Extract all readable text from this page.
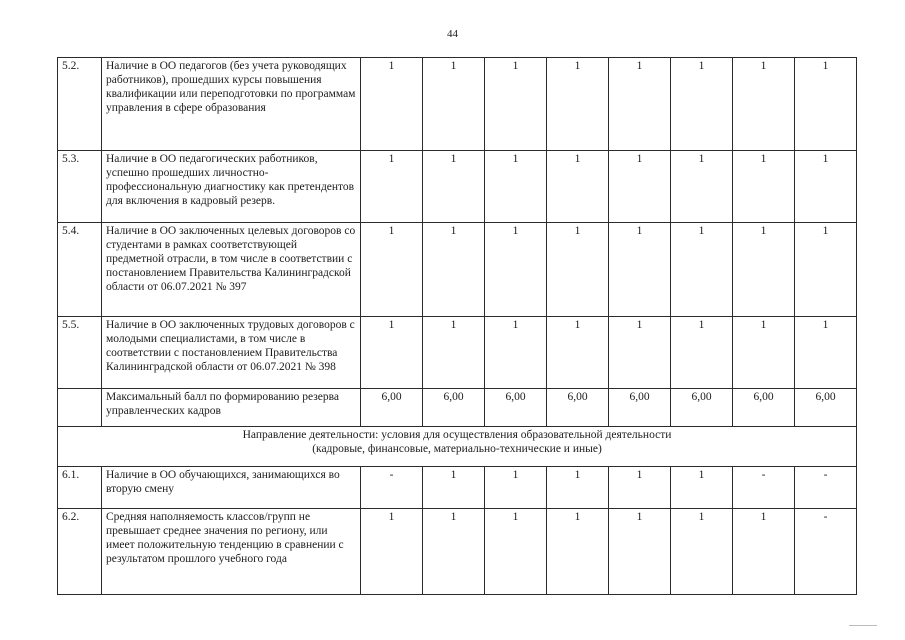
44
5.2.	Наличие в ОО педагогов (без учета руководящих работников), прошедших курсы повышения квалификации или переподготовки по программам управления в сфере образования	1	1	1	1	1	1	1	1
5.3.	Наличие в ОО педагогических работников, успешно прошедших личностно-профессиональную диагностику как претендентов для включения в кадровый резерв.	1	1	1	1	1	1	1	1
5.4.	Наличие в ОО заключенных целевых договоров со студентами в рамках соответствующей предметной отрасли, в том числе в соответствии с постановлением Правительства Калининградской области от 06.07.2021 № 397	1	1	1	1	1	1	1	1
5.5.	Наличие в ОО заключенных трудовых договоров с молодыми специалистами, в том числе в соответствии с постановлением Правительства Калининградской области от 06.07.2021 № 398	1	1	1	1	1	1	1	1
	Максимальный балл по формированию резерва управленческих кадров	6,00	6,00	6,00	6,00	6,00	6,00	6,00	6,00

Направление деятельности: условия для осуществления образовательной деятельности
(кадровые, финансовые, материально-технические и иные)									

6.1.	Наличие в ОО обучающихся, занимающихся во вторую смену	-	1	1	1	1	1	-	-
6.2.	Средняя наполняемость классов/групп не превышает среднее значения по региону, или имеет положительную тенденцию в сравнении с результатом прошлого учебного года	1	1	1	1	1	1	1	-
